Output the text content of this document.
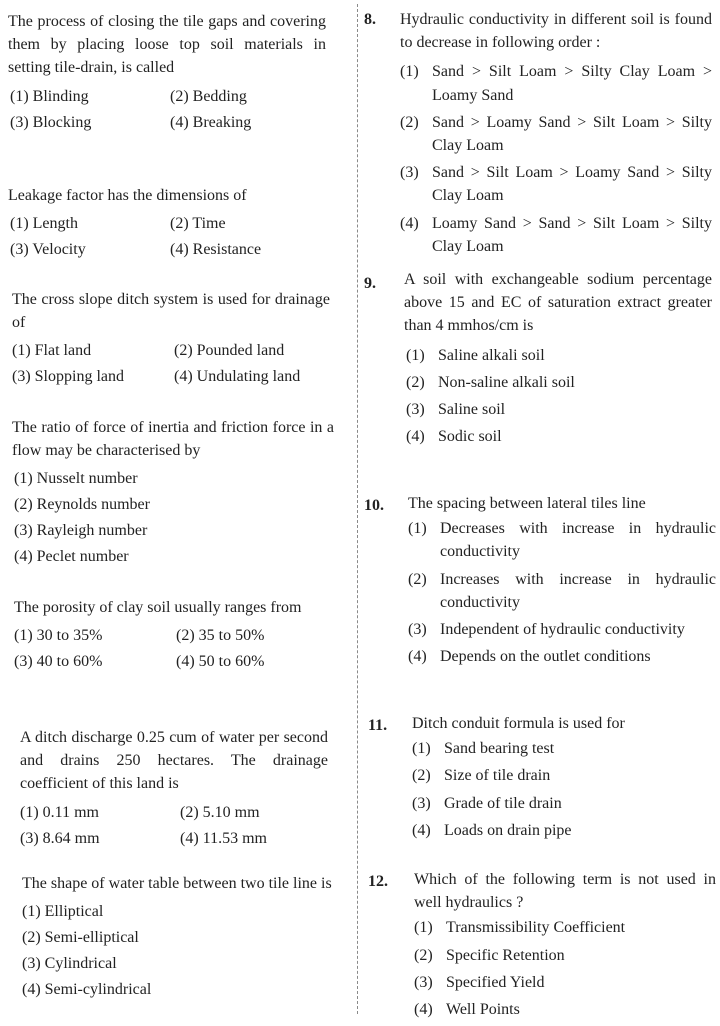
The process of closing the tile gaps and covering them by placing loose top soil materials in setting tile-drain, is called
(1) Blinding	(2) Bedding
(3) Blocking	(4) Breaking
Leakage factor has the dimensions of
(1) Length	(2) Time
(3) Velocity	(4) Resistance
The cross slope ditch system is used for drainage of
(1) Flat land	(2) Pounded land
(3) Slopping land	(4) Undulating land
The ratio of force of inertia and friction force in a flow may be characterised by
(1) Nusselt number
(2) Reynolds number
(3) Rayleigh number
(4) Peclet number
The porosity of clay soil usually ranges from
(1) 30 to 35%	(2) 35 to 50%
(3) 40 to 60%	(4) 50 to 60%
A ditch discharge 0.25 cum of water per second and drains 250 hectares. The drainage coefficient of this land is
(1) 0.11 mm	(2) 5.10 mm
(3) 8.64 mm	(4) 11.53 mm
The shape of water table between two tile line is
(1) Elliptical
(2) Semi-elliptical
(3) Cylindrical
(4) Semi-cylindrical
8. Hydraulic conductivity in different soil is found to decrease in following order :
(1) Sand > Silt Loam > Silty Clay Loam > Loamy Sand
(2) Sand > Loamy Sand > Silt Loam > Silty Clay Loam
(3) Sand > Silt Loam > Loamy Sand > Silty Clay Loam
(4) Loamy Sand > Sand > Silt Loam > Silty Clay Loam
9. A soil with exchangeable sodium percentage above 15 and EC of saturation extract greater than 4 mmhos/cm is
(1) Saline alkali soil
(2) Non-saline alkali soil
(3) Saline soil
(4) Sodic soil
10. The spacing between lateral tiles line
(1) Decreases with increase in hydraulic conductivity
(2) Increases with increase in hydraulic conductivity
(3) Independent of hydraulic conductivity
(4) Depends on the outlet conditions
11. Ditch conduit formula is used for
(1) Sand bearing test
(2) Size of tile drain
(3) Grade of tile drain
(4) Loads on drain pipe
12. Which of the following term is not used in well hydraulics ?
(1) Transmissibility Coefficient
(2) Specific Retention
(3) Specified Yield
(4) Well Points
